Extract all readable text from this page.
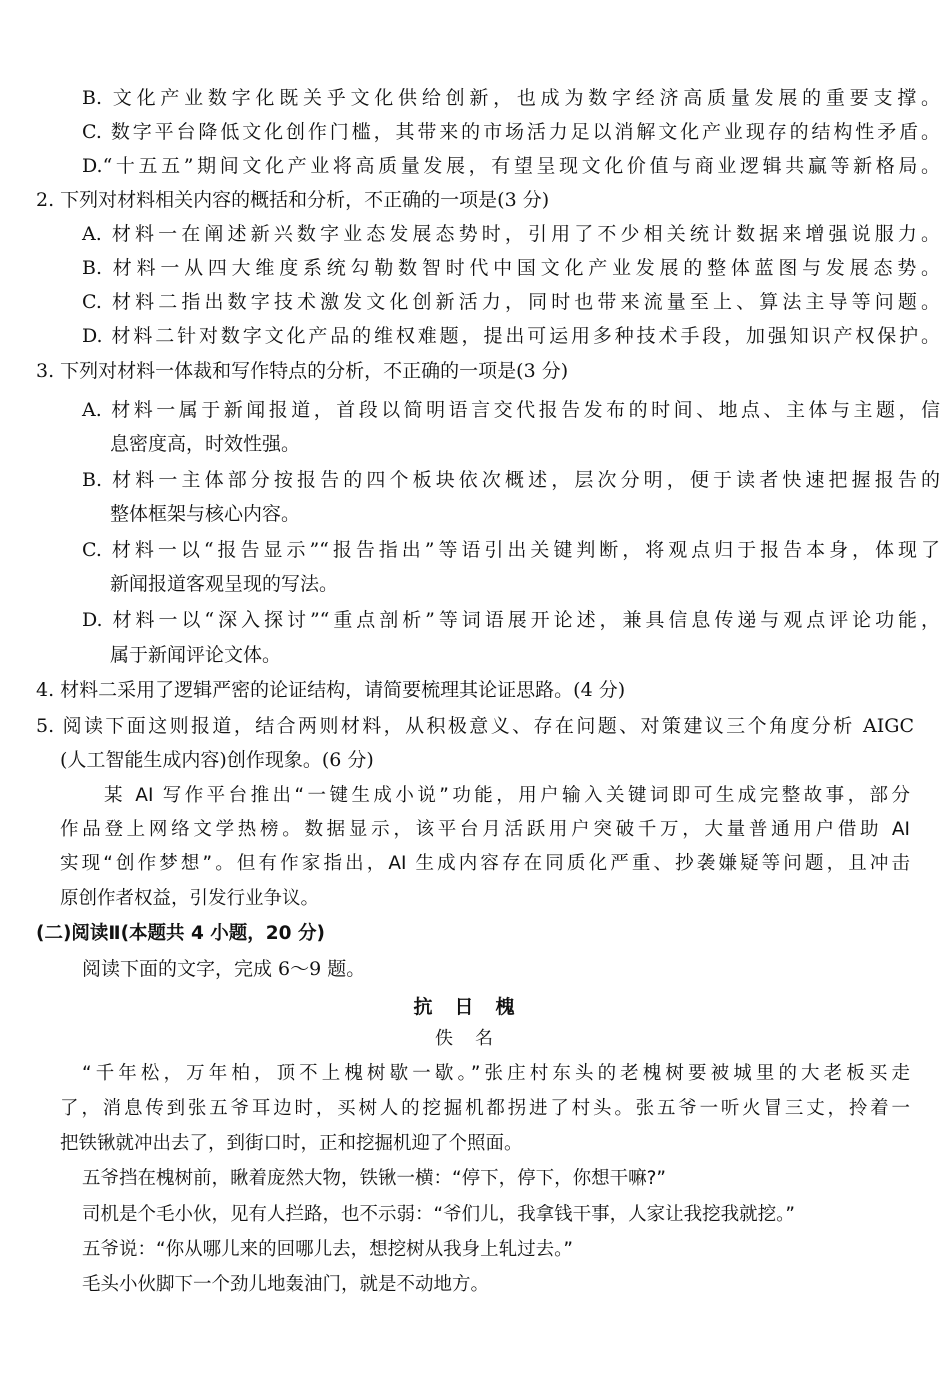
B. 文化产业数字化既关乎文化供给创新，也成为数字经济高质量发展的重要支撑。
C. 数字平台降低文化创作门槛，其带来的市场活力足以消解文化产业现存的结构性矛盾。
D.“十五五”期间文化产业将高质量发展，有望呈现文化价值与商业逻辑共赢等新格局。
2. 下列对材料相关内容的概括和分析，不正确的一项是(3 分)
A. 材料一在阐述新兴数字业态发展态势时，引用了不少相关统计数据来增强说服力。
B. 材料一从四大维度系统勾勒数智时代中国文化产业发展的整体蓝图与发展态势。
C. 材料二指出数字技术激发文化创新活力，同时也带来流量至上、算法主导等问题。
D. 材料二针对数字文化产品的维权难题，提出可运用多种技术手段，加强知识产权保护。
3. 下列对材料一体裁和写作特点的分析，不正确的一项是(3 分)
A. 材料一属于新闻报道，首段以简明语言交代报告发布的时间、地点、主体与主题，信
息密度高，时效性强。
B. 材料一主体部分按报告的四个板块依次概述，层次分明，便于读者快速把握报告的
整体框架与核心内容。
C. 材料一以“报告显示”“报告指出”等语引出关键判断，将观点归于报告本身，体现了
新闻报道客观呈现的写法。
D. 材料一以“深入探讨”“重点剖析”等词语展开论述，兼具信息传递与观点评论功能，
属于新闻评论文体。
4. 材料二采用了逻辑严密的论证结构，请简要梳理其论证思路。(4 分)
5. 阅读下面这则报道，结合两则材料，从积极意义、存在问题、对策建议三个角度分析 AIGC
(人工智能生成内容)创作现象。(6 分)
某 AI 写作平台推出“一键生成小说”功能，用户输入关键词即可生成完整故事，部分
作品登上网络文学热榜。数据显示，该平台月活跃用户突破千万，大量普通用户借助 AI
实现“创作梦想”。但有作家指出，AI 生成内容存在同质化严重、抄袭嫌疑等问题，且冲击
原创作者权益，引发行业争议。
(二)阅读Ⅱ(本题共 4 小题，20 分)
阅读下面的文字，完成 6～9 题。
抗日槐
佚名
“千年松，万年柏，顶不上槐树歇一歇。”张庄村东头的老槐树要被城里的大老板买走
了，消息传到张五爷耳边时，买树人的挖掘机都拐进了村头。张五爷一听火冒三丈，拎着一
把铁锹就冲出去了，到街口时，正和挖掘机迎了个照面。
五爷挡在槐树前，瞅着庞然大物，铁锹一横：“停下，停下，你想干嘛?”
司机是个毛小伙，见有人拦路，也不示弱：“爷们儿，我拿钱干事，人家让我挖我就挖。”
五爷说：“你从哪儿来的回哪儿去，想挖树从我身上轧过去。”
毛头小伙脚下一个劲儿地轰油门，就是不动地方。
